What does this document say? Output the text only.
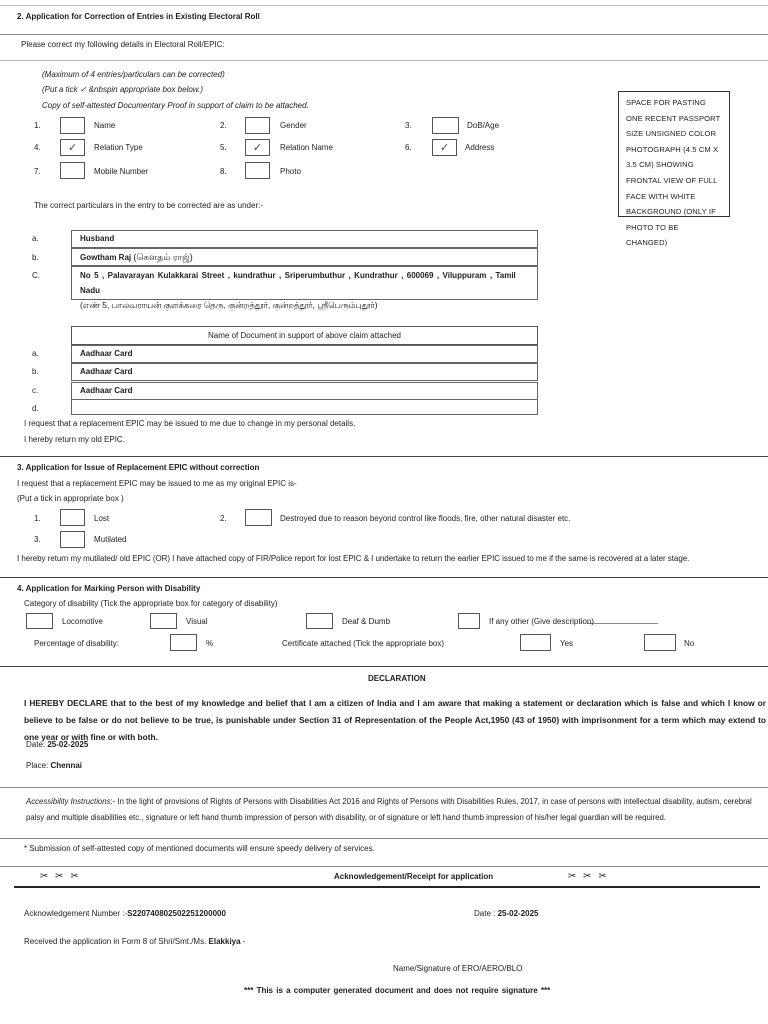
2. Application for Correction of Entries in Existing Electoral Roll
Please correct my following details in Electoral Roll/EPIC:
(Maximum of 4 entries/particulars can be corrected)
(Put a tick ✓ &nbspin appropriate box below.)
Copy of self-attested Documentary Proof in support of claim to be attached.
1.	Name	2.	Gender	3.	DoB/Age
4.	✓	Relation Type	5.	✓	Relation Name	6.	✓	Address
7.	Mobile Number	8.	Photo
SPACE FOR PASTING ONE RECENT PASSPORT SIZE UNSIGNED COLOR PHOTOGRAPH (4.5 CM X 3.5 CM) SHOWING FRONTAL VIEW OF FULL FACE WITH WHITE BACKGROUND (ONLY IF PHOTO TO BE CHANGED)
The correct particulars in the entry to be corrected are as under:-
a.	Husband
b.	Gowtham Raj (கௌதம் ராஜ்)
C.	No 5 , Palavarayan Kulakkarai Street , kundrathur , Sriperumbuthur , Kundrathur , 600069 , Viluppuram , Tamil Nadu
(எண் 5, பாலவராயன் குளக்கரை தெரு, குன்றத்தூர், குன்றத்தூர், ஸ்ரீபெரும்புதூர்)
Name of Document in support of above claim attached
a.	Aadhaar Card
b.	Aadhaar Card
c.	Aadhaar Card
d.
I request that a replacement EPIC may be issued to me due to change in my personal details.
I hereby return my old EPIC.
3. Application for Issue of Replacement EPIC without correction
I request that a replacement EPIC may be issued to me as my original EPIC is-
(Put a tick in appropriate box )
1.	Lost	2.	Destroyed due to reason beyond control like floods, fire, other natural disaster etc.
3.	Mutilated
I hereby return my mutilated/ old EPIC (OR) I have attached copy of FIR/Police report for lost EPIC & I undertake to return the earlier EPIC issued to me if the same is recovered at a later stage.
4. Application for Marking Person with Disability
Category of disability (Tick the appropriate box for category of disability)
Locomotive	Visual	Deaf & Dumb	If any other (Give description)
________________
Percentage of disability:	%	Certificate attached (Tick the appropriate box)	Yes	No
DECLARATION
I HEREBY DECLARE that to the best of my knowledge and belief that I am a citizen of India and I am aware that making a statement or declaration which is false and which I know or believe to be false or do not believe to be true, is punishable under Section 31 of Representation of the People Act,1950 (43 of 1950) with imprisonment for a term which may extend to one year or with fine or with both.
Date: 25-02-2025
Place: Chennai
Accessibility Instructions:- In the light of provisions of Rights of Persons with Disabilities Act 2016 and Rights of Persons with Disabilities Rules, 2017, in case of persons with intellectual disability, autism, cerebral palsy and multiple disabilities etc., signature or left hand thumb impression of person with disability, or of signature or left hand thumb impression of his/her legal guardian will be required.
* Submission of self-attested copy of mentioned documents will ensure speedy delivery of services.
✂ ✂ ✂	Acknowledgement/Receipt for application	✂ ✂ ✂
Acknowledgement Number :-S220740802502251200000	Date : 25-02-2025
Received the application in Form 8 of Shri/Smt./Ms. Elakkiya -
Name/Signature of ERO/AERO/BLO
*** This is a computer generated document and does not require signature ***
